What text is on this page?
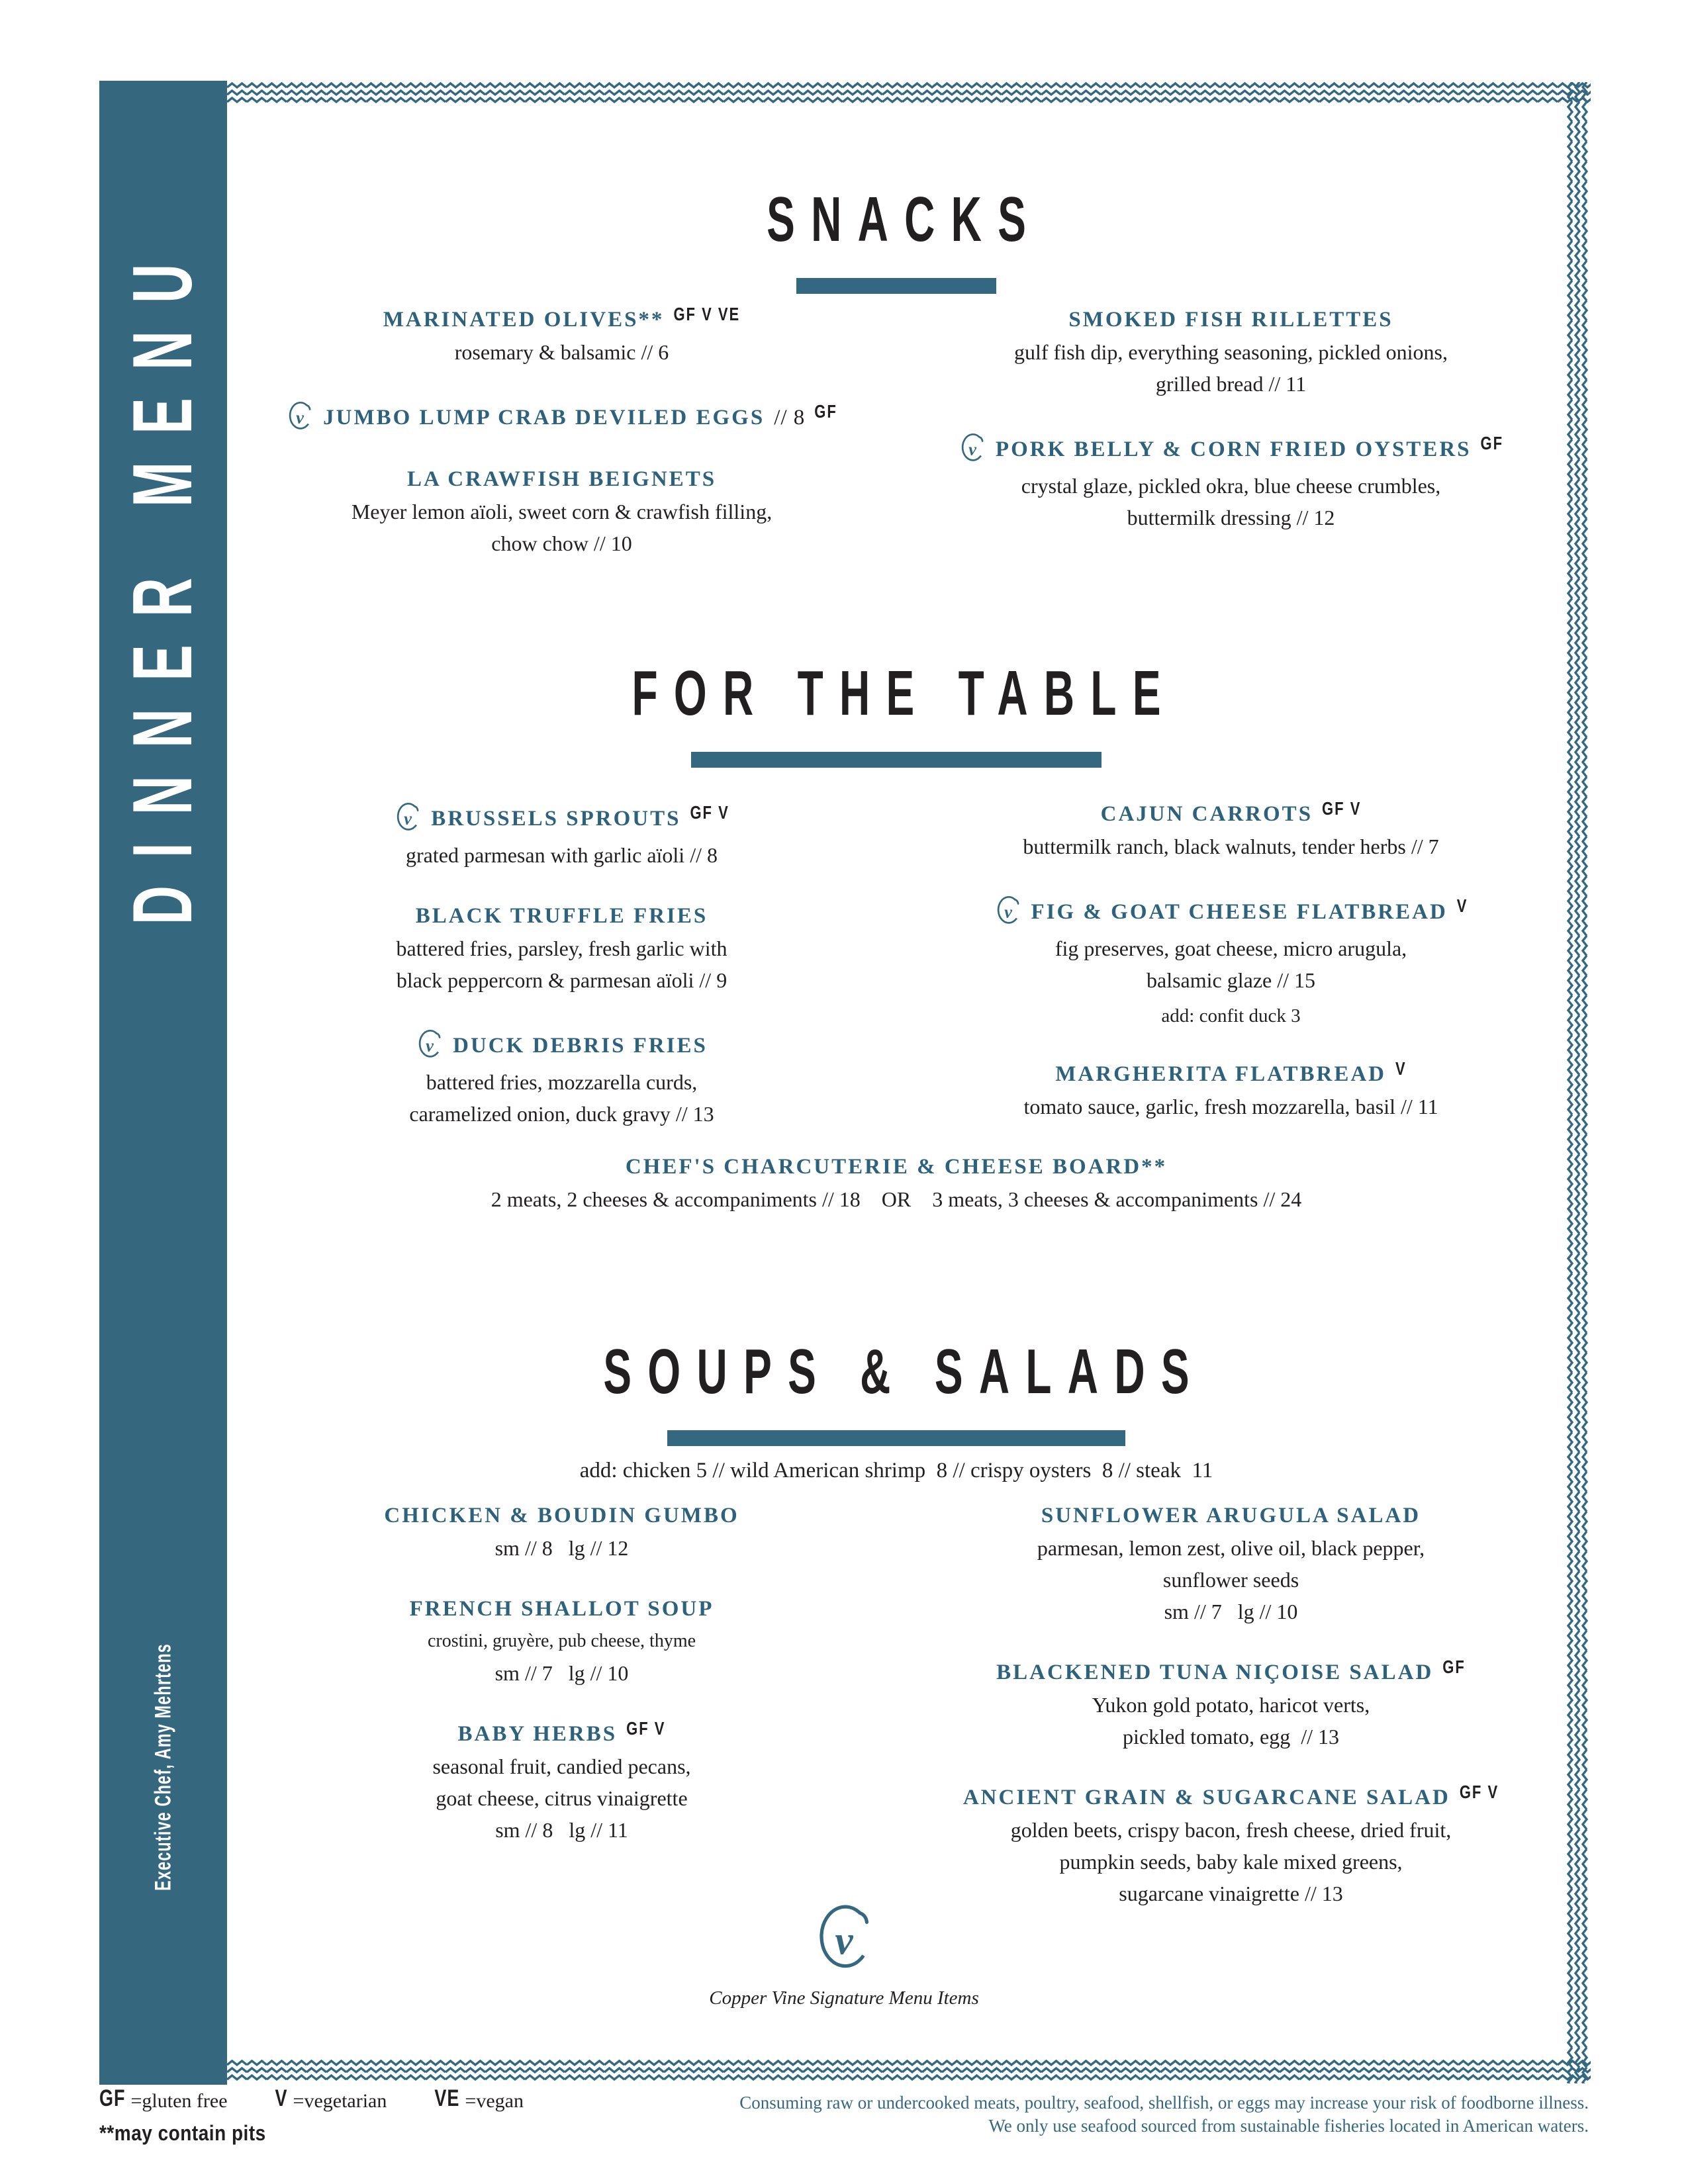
DINNER MENU
Executive Chef, Amy Mehrtens
SNACKS
MARINATED OLIVES** GF V VE
rosemary & balsamic // 6
v JUMBO LUMP CRAB DEVILED EGGS // 8 GF
LA CRAWFISH BEIGNETS
Meyer lemon aïoli, sweet corn & crawfish filling,
chow chow // 10
SMOKED FISH RILLETTES
gulf fish dip, everything seasoning, pickled onions,
grilled bread // 11
v PORK BELLY & CORN FRIED OYSTERS GF
crystal glaze, pickled okra, blue cheese crumbles,
buttermilk dressing // 12
FOR THE TABLE
v BRUSSELS SPROUTS GF V
grated parmesan with garlic aïoli // 8
BLACK TRUFFLE FRIES
battered fries, parsley, fresh garlic with
black peppercorn & parmesan aïoli // 9
v DUCK DEBRIS FRIES
battered fries, mozzarella curds,
caramelized onion, duck gravy // 13
CAJUN CARROTS GF V
buttermilk ranch, black walnuts, tender herbs // 7
v FIG & GOAT CHEESE FLATBREAD V
fig preserves, goat cheese, micro arugula,
balsamic glaze // 15
add: confit duck 3
MARGHERITA FLATBREAD V
tomato sauce, garlic, fresh mozzarella, basil // 11
CHEF'S CHARCUTERIE & CHEESE BOARD**
2 meats, 2 cheeses & accompaniments // 18    OR    3 meats, 3 cheeses & accompaniments // 24
SOUPS & SALADS
add: chicken 5 // wild American shrimp  8 // crispy oysters  8 // steak  11
CHICKEN & BOUDIN GUMBO
sm // 8   lg // 12
FRENCH SHALLOT SOUP
crostini, gruyère, pub cheese, thyme
sm // 7   lg // 10
BABY HERBS GF V
seasonal fruit, candied pecans,
goat cheese, citrus vinaigrette
sm // 8   lg // 11
SUNFLOWER ARUGULA SALAD
parmesan, lemon zest, olive oil, black pepper,
sunflower seeds
sm // 7   lg // 10
BLACKENED TUNA NIÇOISE SALAD GF
Yukon gold potato, haricot verts,
pickled tomato, egg  // 13
ANCIENT GRAIN & SUGARCANE SALAD GF V
golden beets, crispy bacon, fresh cheese, dried fruit,
pumpkin seeds, baby kale mixed greens,
sugarcane vinaigrette // 13
v
Copper Vine Signature Menu Items
GF =gluten free	V =vegetarian	VE =vegan
**may contain pits
Consuming raw or undercooked meats, poultry, seafood, shellfish, or eggs may increase your risk of foodborne illness.
We only use seafood sourced from sustainable fisheries located in American waters.
